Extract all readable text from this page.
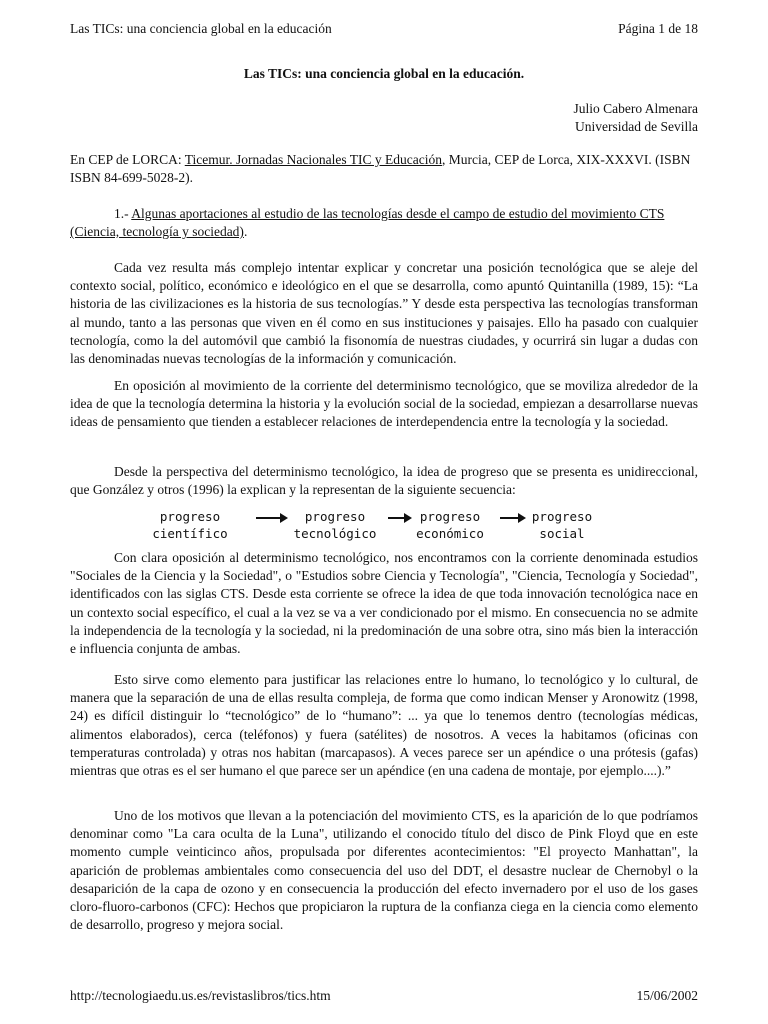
Las TICs: una conciencia global en la educación	Página 1 de 18
Las TICs: una conciencia global en la educación.
Julio Cabero Almenara
Universidad de Sevilla
En CEP de LORCA: Ticemur. Jornadas Nacionales TIC y Educación, Murcia, CEP de Lorca, XIX-XXXVI. (ISBN ISBN 84-699-5028-2).
1.- Algunas aportaciones al estudio de las tecnologías desde el campo de estudio del movimiento CTS (Ciencia, tecnología y sociedad).

Cada vez resulta más complejo intentar explicar y concretar una posición tecnológica que se aleje del contexto social, político, económico e ideológico en el que se desarrolla, como apuntó Quintanilla (1989, 15): “La historia de las civilizaciones es la historia de sus tecnologías.” Y desde esta perspectiva las tecnologías transforman al mundo, tanto a las personas que viven en él como en sus instituciones y paisajes. Ello ha pasado con cualquier tecnología, como la del automóvil que cambió la fisonomía de nuestras ciudades, y ocurrirá sin lugar a dudas con las denominadas nuevas tecnologías de la información y comunicación.

En oposición al movimiento de la corriente del determinismo tecnológico, que se moviliza alrededor de la idea de que la tecnología determina la historia y la evolución social de la sociedad, empiezan a desarrollarse nuevas ideas de pensamiento que tienden a establecer relaciones de interdependencia entre la tecnología y la sociedad.

Desde la perspectiva del determinismo tecnológico, la idea de progreso que se presenta es unidireccional, que González y otros (1996) la explican y la representan de la siguiente secuencia:

progreso
científico
progreso
tecnológico
progreso
económico
progreso
social

Con clara oposición al determinismo tecnológico, nos encontramos con la corriente denominada estudios "Sociales de la Ciencia y la Sociedad", o "Estudios sobre Ciencia y Tecnología", "Ciencia, Tecnología y Sociedad", identificados con las siglas CTS. Desde esta corriente se ofrece la idea de que toda innovación tecnológica nace en un contexto social específico, el cual a la vez se va a ver condicionado por el mismo. En consecuencia no se admite la independencia de la tecnología y la sociedad, ni la predominación de una sobre otra, sino más bien la interacción e influencia conjunta de ambas.

Esto sirve como elemento para justificar las relaciones entre lo humano, lo tecnológico y lo cultural, de manera que la separación de una de ellas resulta compleja, de forma que como indican Menser y Aronowitz (1998, 24) es difícil distinguir lo “tecnológico” de lo “humano”: ... ya que lo tenemos dentro (tecnologías médicas, alimentos elaborados), cerca (teléfonos) y fuera (satélites) de nosotros. A veces la habitamos (oficinas con temperaturas controlada) y otras nos habitan (marcapasos). A veces parece ser un apéndice o una prótesis (gafas) mientras que otras es el ser humano el que parece ser un apéndice (en una cadena de montaje, por ejemplo....).”

Uno de los motivos que llevan a la potenciación del movimiento CTS, es la aparición de lo que podríamos denominar como "La cara oculta de la Luna", utilizando el conocido título del disco de Pink Floyd que en este momento cumple veinticinco años, propulsada por diferentes acontecimientos: "El proyecto Manhattan", la aparición de problemas ambientales como consecuencia del uso del DDT, el desastre nuclear de Chernobyl o la desaparición de la capa de ozono y en consecuencia la producción del efecto invernadero por el uso de los gases cloro-fluoro-carbonos (CFC): Hechos que propiciaron la ruptura de la confianza ciega en la ciencia como elemento de desarrollo, progreso y mejora social.

http://tecnologiaedu.us.es/revistaslibros/tics.htm	15/06/2002
